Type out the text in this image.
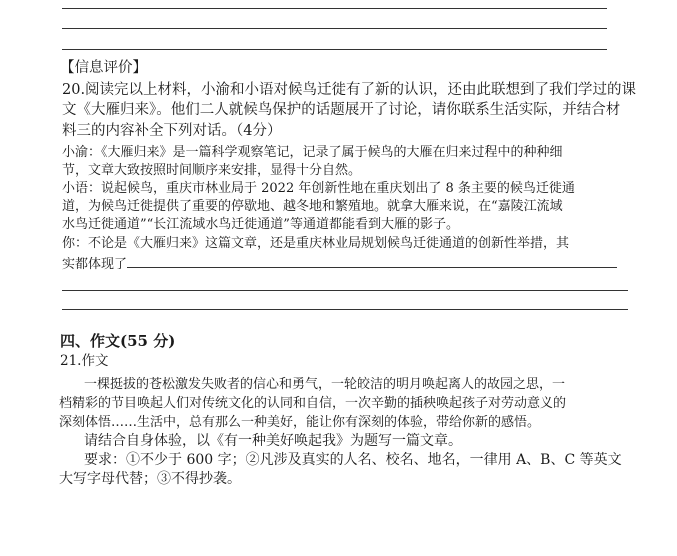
【信息评价】
20.阅读完以上材料，小渝和小语对候鸟迁徙有了新的认识，还由此联想到了我们学过的课
文《大雁归来》。他们二人就候鸟保护的话题展开了讨论，请你联系生活实际，并结合材
料三的内容补全下列对话。（4分）
小渝：《大雁归来》是一篇科学观察笔记，记录了属于候鸟的大雁在归来过程中的种种细
节，文章大致按照时间顺序来安排，显得十分自然。
小语：说起候鸟，重庆市林业局于 2022 年创新性地在重庆划出了 8 条主要的候鸟迁徙通
道，为候鸟迁徙提供了重要的停歇地、越冬地和繁殖地。就拿大雁来说，在“嘉陵江流域
水鸟迁徙通道”“长江流域水鸟迁徙通道”等通道都能看到大雁的影子。
你：不论是《大雁归来》这篇文章，还是重庆林业局规划候鸟迁徙通道的创新性举措，其
实都体现了
四、作文(55 分)
21.作文
一棵挺拔的苍松激发失败者的信心和勇气，一轮皎洁的明月唤起离人的故园之思，一
档精彩的节目唤起人们对传统文化的认同和自信，一次辛勤的插秧唤起孩子对劳动意义的
深刻体悟……生活中，总有那么一种美好，能让你有深刻的体验，带给你新的感悟。
请结合自身体验，以《有一种美好唤起我》为题写一篇文章。
要求：①不少于 600 字；②凡涉及真实的人名、校名、地名，一律用 A、B、C 等英文
大写字母代替；③不得抄袭。
